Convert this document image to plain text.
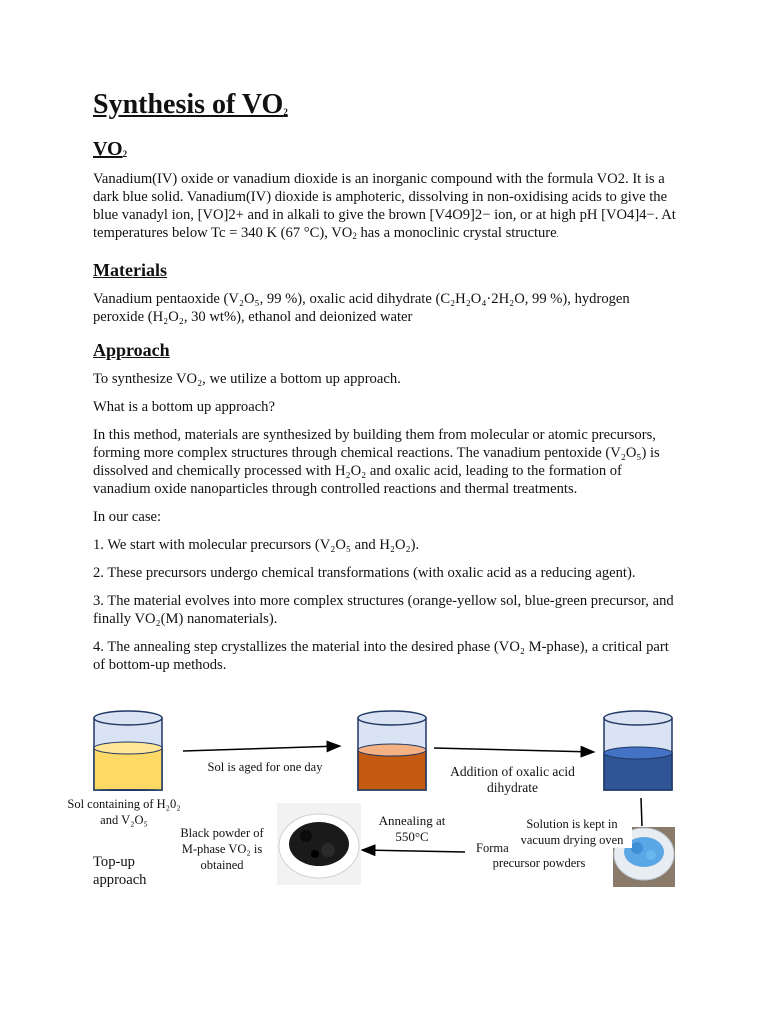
Synthesis of $VO_2$
$VO_2$

Vanadium(IV) oxide or vanadium dioxide is an inorganic compound with the formula VO2. It is a dark blue solid. Vanadium(IV) dioxide is amphoteric, dissolving in non-oxidising acids to give the blue vanadyl ion, [VO]2+ and in alkali to give the brown [V4O9]2− ion, or at high pH [VO4]4−. At temperatures below Tc = 340 K (67 °C), $VO_2$ has a monoclinic crystal structure.

Materials

Vanadium pentaoxide (V₂O₅, 99 %), oxalic acid dihydrate (C₂H₂O₄·2H₂O, 99 %), hydrogen peroxide (H₂O₂, 30 wt%), ethanol and deionized water

Approach

To synthesize VO₂, we utilize a bottom up approach.

What is a bottom up approach?

In this method, materials are synthesized by building them from molecular or atomic precursors, forming more complex structures through chemical reactions. The vanadium pentoxide (V₂O₅) is dissolved and chemically processed with H₂O₂ and oxalic acid, leading to the formation of vanadium oxide nanoparticles through controlled reactions and thermal treatments.

In our case:

1. We start with molecular precursors (V₂O₅ and H₂O₂).

2. These precursors undergo chemical transformations (with oxalic acid as a reducing agent).

3. The material evolves into more complex structures (orange-yellow sol, blue-green precursor, and finally VO₂(M) nanomaterials).

4. The annealing step crystallizes the material into the desired phase (VO₂ M-phase), a critical part of bottom-up methods.

Sol containing of H₂0₂ and V₂O₅
Sol is aged for one day	Addition of oxalic acid dihydrate
Solution is kept in vacuum drying oven
Forma
precursor powders
Annealing at 550°C
Black powder of M-phase VO₂ is obtained
Top-up approach
